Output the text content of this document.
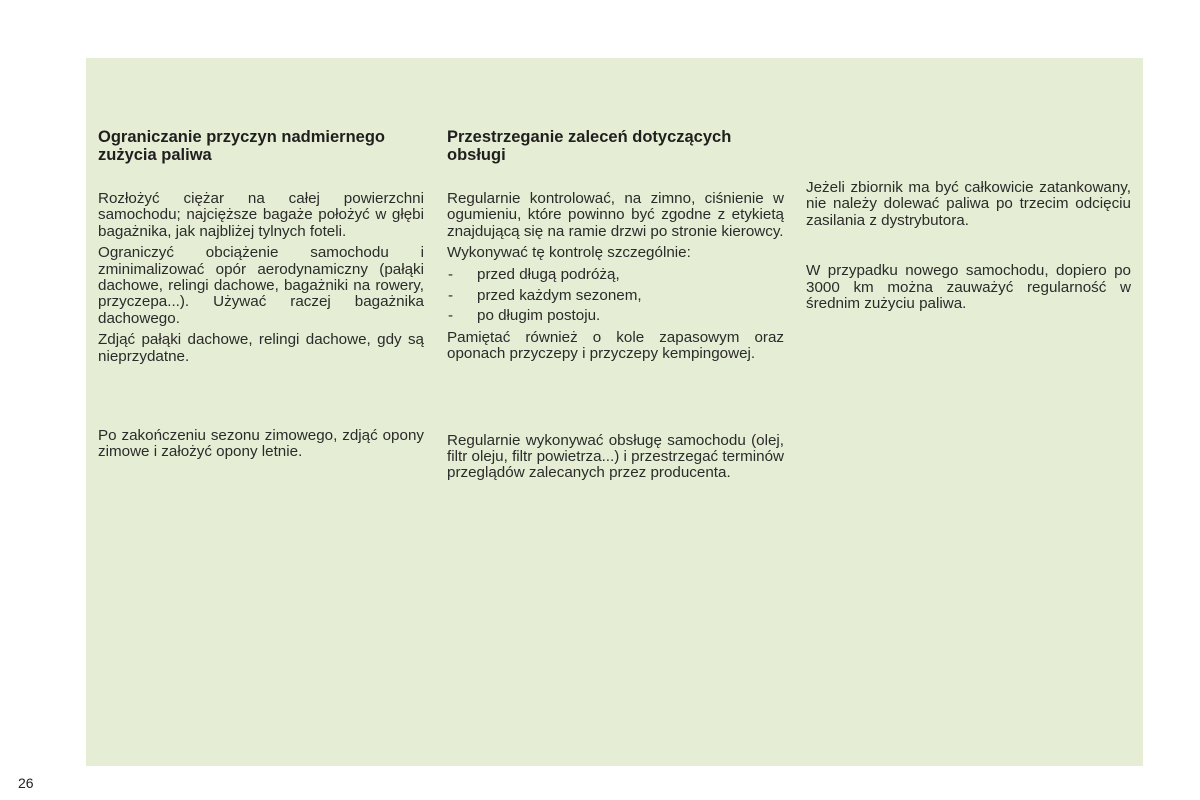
Ograniczanie przyczyn nadmiernego zużycia paliwa

Rozłożyć ciężar na całej powierzchni samochodu; najcięższe bagaże położyć w głębi bagażnika, jak najbliżej tylnych foteli.

Ograniczyć obciążenie samochodu i zminimalizować opór aerodynamiczny (pałąki dachowe, relingi dachowe, bagażniki na rowery, przyczepa...). Używać raczej bagażnika dachowego.

Zdjąć pałąki dachowe, relingi dachowe, gdy są nieprzydatne.

Po zakończeniu sezonu zimowego, zdjąć opony zimowe i założyć opony letnie.

Przestrzeganie zaleceń dotyczących obsługi

Regularnie kontrolować, na zimno, ciśnienie w ogumieniu, które powinno być zgodne z etykietą znajdującą się na ramie drzwi po stronie kierowcy.

Wykonywać tę kontrolę szczególnie:

- przed długą podróżą,
- przed każdym sezonem,
- po długim postoju.

Pamiętać również o kole zapasowym oraz oponach przyczepy i przyczepy kempingowej.

Regularnie wykonywać obsługę samochodu (olej, filtr oleju, filtr powietrza...) i przestrzegać terminów przeglądów zalecanych przez producenta.

Jeżeli zbiornik ma być całkowicie zatankowany, nie należy dolewać paliwa po trzecim odcięciu zasilania z dystrybutora.

W przypadku nowego samochodu, dopiero po 3000 km można zauważyć regularność w średnim zużyciu paliwa.

26
